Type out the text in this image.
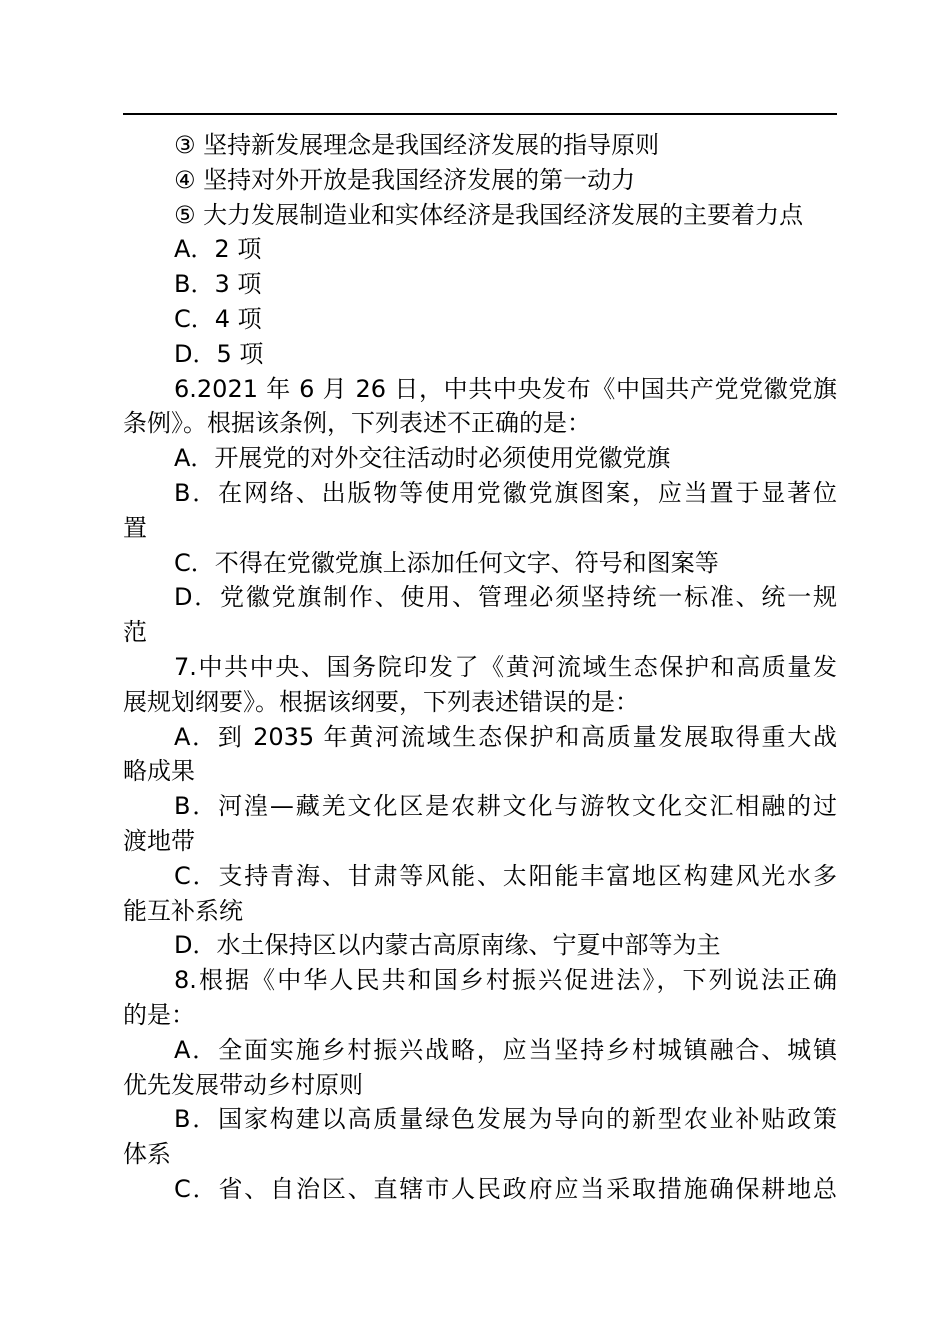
③ 坚持新发展理念是我国经济发展的指导原则
④ 坚持对外开放是我国经济发展的第一动力
⑤ 大力发展制造业和实体经济是我国经济发展的主要着力点
A．2 项
B．3 项
C．4 项
D．5 项
6.2021 年 6 月 26 日，中共中央发布《中国共产党党徽党旗
条例》。根据该条例，下列表述不正确的是：
A．开展党的对外交往活动时必须使用党徽党旗
B．在网络、出版物等使用党徽党旗图案，应当置于显著位
置
C．不得在党徽党旗上添加任何文字、符号和图案等
D．党徽党旗制作、使用、管理必须坚持统一标准、统一规
范
7.中共中央、国务院印发了《黄河流域生态保护和高质量发
展规划纲要》。根据该纲要，下列表述错误的是：
A．到 2035 年黄河流域生态保护和高质量发展取得重大战
略成果
B．河湟—藏羌文化区是农耕文化与游牧文化交汇相融的过
渡地带
C．支持青海、甘肃等风能、太阳能丰富地区构建风光水多
能互补系统
D．水土保持区以内蒙古高原南缘、宁夏中部等为主
8.根据《中华人民共和国乡村振兴促进法》，下列说法正确
的是：
A．全面实施乡村振兴战略，应当坚持乡村城镇融合、城镇
优先发展带动乡村原则
B．国家构建以高质量绿色发展为导向的新型农业补贴政策
体系
C．省、自治区、直辖市人民政府应当采取措施确保耕地总
